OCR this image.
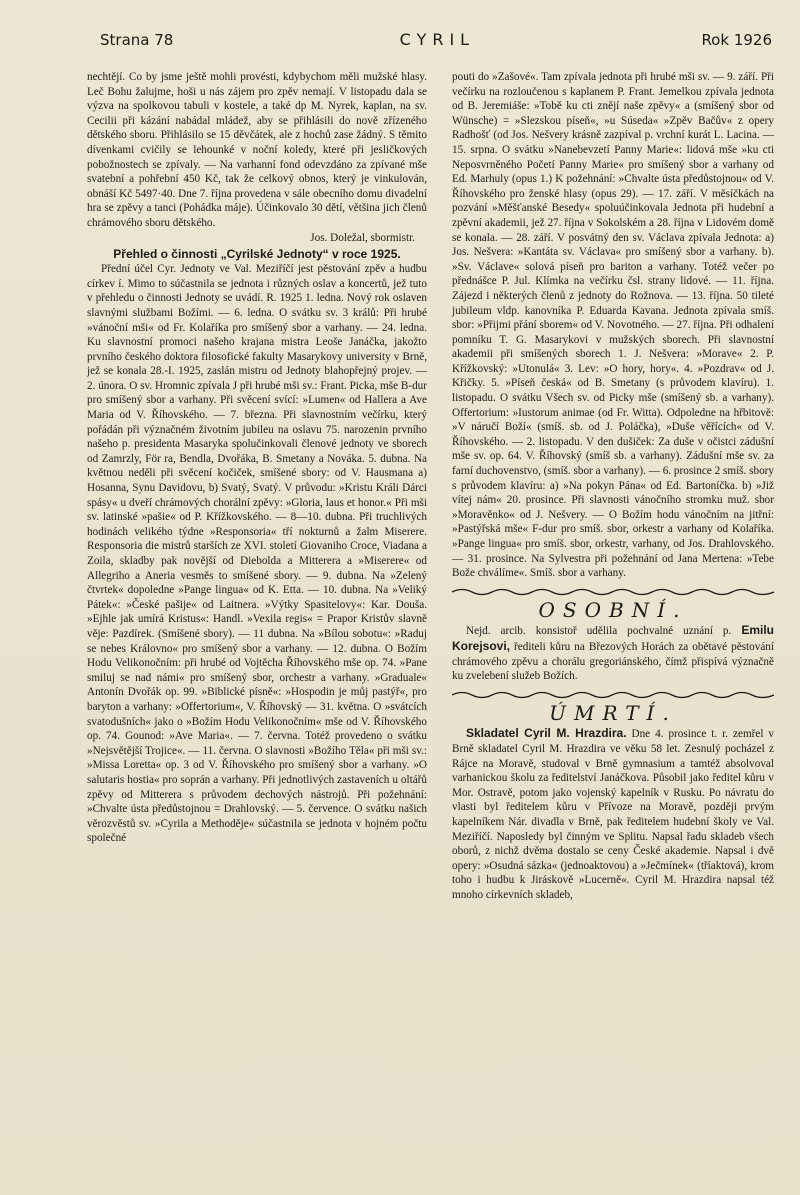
Strana 78	CYRIL	Rok 1926

nechtějí. Co by jsme ještě mohli provésti, kdybychom měli mužské hlasy. Leč Bohu žalujme, hoši u nás zájem pro zpěv nemají. V listopadu dala se výzva na spolkovou tabuli v kostele, a také dp M. Nyrek, kaplan, na sv. Cecilii při kázání nabádal mládež, aby se přihlásili do nově zřízeného dětského sboru. Přihlásilo se 15 děvčátek, ale z hochů zase žádný. S těmito dívenkami cvičily se lehounké v noční koledy, které při jesličkových pobožnostech se zpívaly. — Na varhanní fond odevzdáno za zpívané mše svatební a pohřební 450 Kč, tak že celkový obnos, který je vinkulován, obnáší Kč 5497·40. Dne 7. října provedena v sále obecního domu divadelní hra se zpěvy a tanci (Pohádka máje). Účinkovalo 30 dětí, většina jich členů chrámového sboru dětského.

Jos. Doležal, sbormistr.

Přehled o činnosti „Cyrilské Jednoty“ v roce 1925.

Přední účel Cyr. Jednoty ve Val. Meziříčí jest pěstování zpěv a hudbu církev í. Mimo to súčastnila se jednota i různých oslav a koncertů, jež tuto v přehledu o činnosti Jednoty se uvádí. R. 1925 1. ledna. Nový rok oslaven slavnými službami Božími. — 6. ledna. O svátku sv. 3 králů: Při hrubé »vánoční mši« od Fr. Kolaříka pro smíšený sbor a varhany. — 24. ledna. Ku slavnostní promoci našeho krajana mistra Leoše Janáčka, jakožto prvního českého doktora filosofické fakulty Masarykovy university v Brně, jež se konala 28.-I. 1925, zaslán mistru od Jednoty blahopřejný projev. — 2. února. O sv. Hromnic zpívala J při hrubé mši sv.: Frant. Picka, mše B-dur pro smíšený sbor a varhany. Při svěcení svící: »Lumen« od Hallera a Ave Maria od V. Říhovského. — 7. března. Při slavnostním večírku, který pořádán při význačném životním jubileu na oslavu 75. narozenin prvního našeho p. presidenta Masaryka spolučinkovali členové jednoty ve sborech od Zamrzly, För ra, Bendla, Dvořáka, B. Smetany a Nováka. 5. dubna. Na květnou neděli při svěcení kočiček, smíšené sbory: od V. Hausmana a) Hosanna, Synu Davidovu, b) Svatý, Svatý. V průvodu: »Kristu Králi Dárci spásy« u dveří chrámových chorální zpěvy: »Gloria, laus et honor.« Při mši sv. latinské »pašie« od P. Křížkovského. — 8—10. dubna. Při truchlivých hodinách velikého týdne »Responsoria« tří nokturnů a žalm Miserere. Responsoria die mistrů starších ze XVI. století Giovaniho Croce, Viadana a Zoila, skladby pak novější od Diebolda a Mitterera a »Miserere« od Allegriho a Aneria vesměs to smíšené sbory. — 9. dubna. Na »Zelený čtvrtek« dopoledne »Pange lingua« od K. Etta. — 10. dubna. Na »Veliký Pátek«: »České pašije« od Laitnera. »Výtky Spasitelovy«: Kar. Douša. »Ejhle jak umírá Kristus«: Handl. »Vexila regis« = Prapor Kristův slavně věje: Pazdírek. (Smíšené sbory). — 11 dubna. Na »Bílou sobotu«: »Raduj se nebes Královno« pro smíšený sbor a varhany. — 12. dubna. O Božím Hodu Velikonočním: při hrubé od Vojtěcha Říhovského mše op. 74. »Pane smiluj se nad námi« pro smíšený sbor, orchestr a varhany. »Graduale« Antonín Dvořák op. 99. »Biblické písně«: »Hospodin je můj pastýř«, pro baryton a varhany: »Offertorium«, V. Říhovský — 31. května. O »svátcích svatodušních« jako o »Božím Hodu Velikonočním« mše od V. Říhovského op. 74. Gounod: »Ave Maria«. — 7. června. Totéž provedeno o svátku »Nejsvětější Trojice«. — 11. června. O slavnosti »Božího Těla« při mši sv.: »Missa Loretta« op. 3 od V. Říhovského pro smíšený sbor a varhany. »O salutaris hostia« pro soprán a varhany. Při jednotlivých zastaveních u oltářů zpěvy od Mitterera s průvodem dechových nástrojů. Při požehnání: »Chvalte ústa předůstojnou = Drahlovský. — 5. července. O svátku našich věrozvěstů sv. »Cyrila a Methoděje« súčastnila se jednota v hojném počtu společné

pouti do »Zašové«. Tam zpívala jednota při hrubé mši sv. — 9. září. Při večírku na rozloučenou s kaplanem P. Frant. Jemelkou zpívala jednota od B. Jeremiáše: »Tobě ku cti znějí naše zpěvy« a (smíšený sbor od Wünsche) = »Slezskou píseň«, »u Súseda« »Zpěv Bačův« z opery Radhošť (od Jos. Nešvery krásně zazpíval p. vrchní kurát L. Lacina. — 15. srpna. O svátku »Nanebevzetí Panny Marie«: lidová mše »ku cti Neposvrněného Početí Panny Marie« pro smíšený sbor a varhany od Ed. Marhuly (opus 1.) K požehnání: »Chvalte ústa předůstojnou« od V. Říhovského pro ženské hlasy (opus 29). — 17. září. V měsíčkách na pozvání »Měšťanské Besedy« spoluúčinkovala Jednota při hudební a zpěvní akademii, jež 27. října v Sokolském a 28. října v Lidovém domě se konala. — 28. září. V posvátný den sv. Václava zpívala Jednota: a) Jos. Nešvera: »Kantáta sv. Václava« pro smíšený sbor a varhany. b). »Sv. Václave« solová píseň pro bariton a varhany. Totéž večer po přednášce P. Jul. Klímka na večírku čsl. strany lidové. — 11. října. Zájezd i některých členů z jednoty do Rožnova. — 13. října. 50 tileté jubileum vldp. kanovníka P. Eduarda Kavana. Jednota zpívala smíš. sbor: »Přijmi přání sborem« od V. Novotného. — 27. října. Při odhalení pomníku T. G. Masarykovi v mužských sborech. Při slavnostní akademii při smíšených sborech 1. J. Nešvera: »Morave« 2. P. Křížkovský: »Utonulá« 3. Lev: »O hory, hory«. 4. »Pozdrav« od J. Křičky. 5. »Píseň česká« od B. Smetany (s průvodem klavíru). 1. listopadu. O svátku Všech sv. od Picky mše (smíšený sb. a varhany). Offertorium: »Iustorum animae (od Fr. Witta). Odpoledne na hřbitově: »V náručí Boží« (smíš. sb. od J. Poláčka), »Duše věřících« od V. Říhovského. — 2. listopadu. V den dušiček: Za duše v očistci zádušní mše sv. op. 64. V. Říhovský (smíš sb. a varhany). Zádušní mše sv. za farní duchovenstvo, (smíš. sbor a varhany). — 6. prosince 2 smíš. sbory s průvodem klavíru: a) »Na pokyn Pána« od Ed. Bartoníčka. b) »Již vítej nám« 20. prosince. Při slavnosti vánočního stromku muž. sbor »Moravěnko« od J. Nešvery. — O Božím hodu vánočním na jitřní: »Pastýřská mše« F-dur pro smíš. sbor, orkestr a varhany od Kolaříka. »Pange lingua« pro smíš. sbor, orkestr, varhany, od Jos. Drahlovského. — 31. prosince. Na Sylvestra při požehnání od Jana Mertena: »Tebe Bože chválíme«. Smíš. sbor a varhany.

OSOBNÍ.

Nejd. arcib. konsistoř udělila pochvalné uznání p. Emilu Korejsovi, řediteli kůru na Březových Horách za obětavé pěstování chrámového zpěvu a chorálu gregoriánského, čímž přispívá význačně ku zvelebení služeb Božích.

ÚMRTÍ.

Skladatel Cyril M. Hrazdira. Dne 4. prosince t. r. zemřel v Brně skladatel Cyril M. Hrazdira ve věku 58 let. Zesnulý pocházel z Rájce na Moravě, studoval v Brně gymnasium a tamtéž absolvoval varhanickou školu za ředitelství Janáčkova. Působil jako ředitel kůru v Mor. Ostravě, potom jako vojenský kapelník v Rusku. Po návratu do vlasti byl ředitelem kůru v Přívoze na Moravě, později prvým kapelníkem Nár. divadla v Brně, pak ředitelem hudební školy ve Val. Meziříčí. Naposledy byl činným ve Splitu. Napsal řadu skladeb všech oborů, z nichž dvěma dostalo se ceny České akademie. Napsal i dvě opery: »Osudná sázka« (jednoaktovou) a »Ječmínek« (tříaktová), krom toho i hudbu k Jiráskově »Lucerně«. Cyril M. Hrazdira napsal též mnoho církevních skladeb,
